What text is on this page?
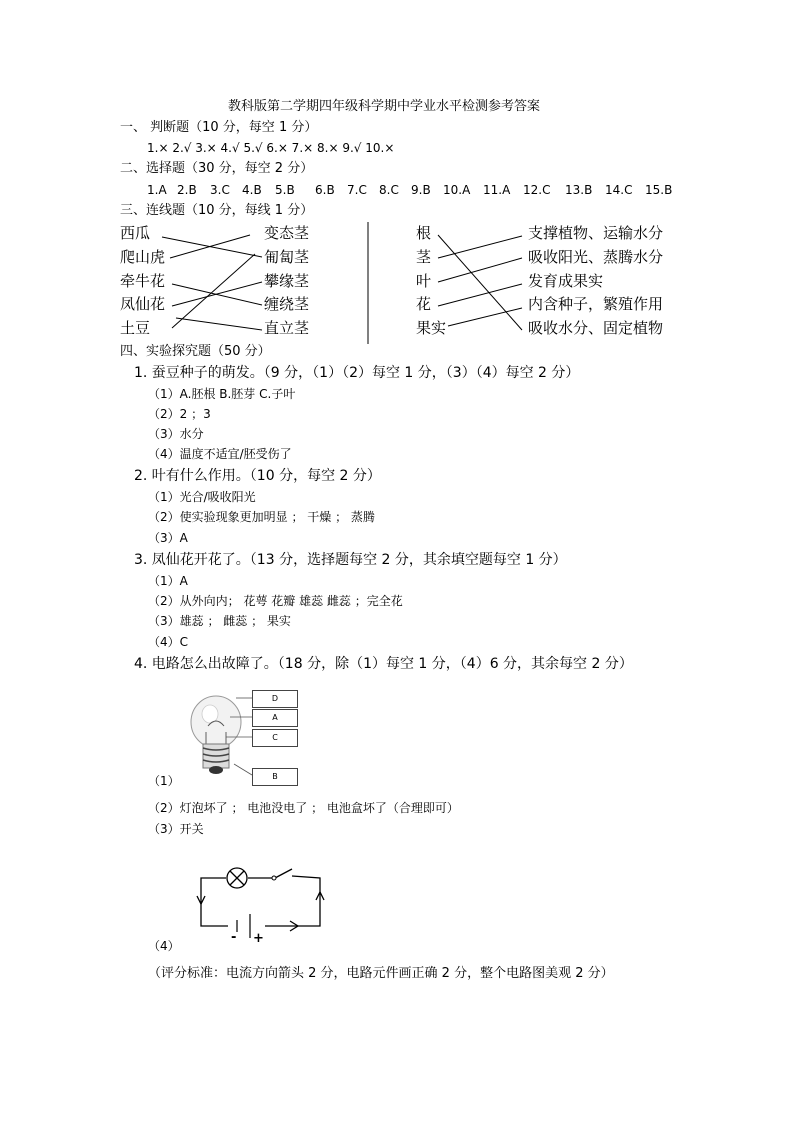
教科版第二学期四年级科学期中学业水平检测参考答案
一、 判断题（10 分，每空 1 分）
1.× 2.√ 3.× 4.√ 5.√ 6.× 7.× 8.× 9.√ 10.×
二、选择题（30 分，每空 2 分）
1.A 2.B 3.C 4.B 5.B 6.B 7.C 8.C 9.B 10.A 11.A 12.C 13.B 14.C 15.B
三、连线题（10 分，每线 1 分）
西瓜
爬山虎
牵牛花
凤仙花
土豆
变态茎
匍匐茎
攀缘茎
缠绕茎
直立茎
根
茎
叶
花
果实
支撑植物、运输水分
吸收阳光、蒸腾水分
发育成果实
内含种子，繁殖作用
吸收水分、固定植物
四、实验探究题（50 分）
1. 蚕豆种子的萌发。（9 分，（1）（2）每空 1 分，（3）（4）每空 2 分）
（1）A.胚根 B.胚芽 C.子叶
（2）2 ；3
（3）水分
（4）温度不适宜/胚受伤了
2. 叶有什么作用。（10 分，每空 2 分）
（1）光合/吸收阳光
（2）使实验现象更加明显 ； 干燥 ； 蒸腾
（3）A
3. 凤仙花开花了。（13 分，选择题每空 2 分，其余填空题每空 1 分）
（1）A
（2）从外向内； 花萼 花瓣 雄蕊 雌蕊 ；完全花
（3）雄蕊 ； 雌蕊 ； 果实
（4）C
4. 电路怎么出故障了。（18 分，除（1）每空 1 分，（4）6 分，其余每空 2 分）
D
A
C
B
（1）
（2）灯泡坏了 ； 电池没电了 ； 电池盒坏了（合理即可）
（3）开关
- +
（4）
（评分标准：电流方向箭头 2 分，电路元件画正确 2 分，整个电路图美观 2 分）
